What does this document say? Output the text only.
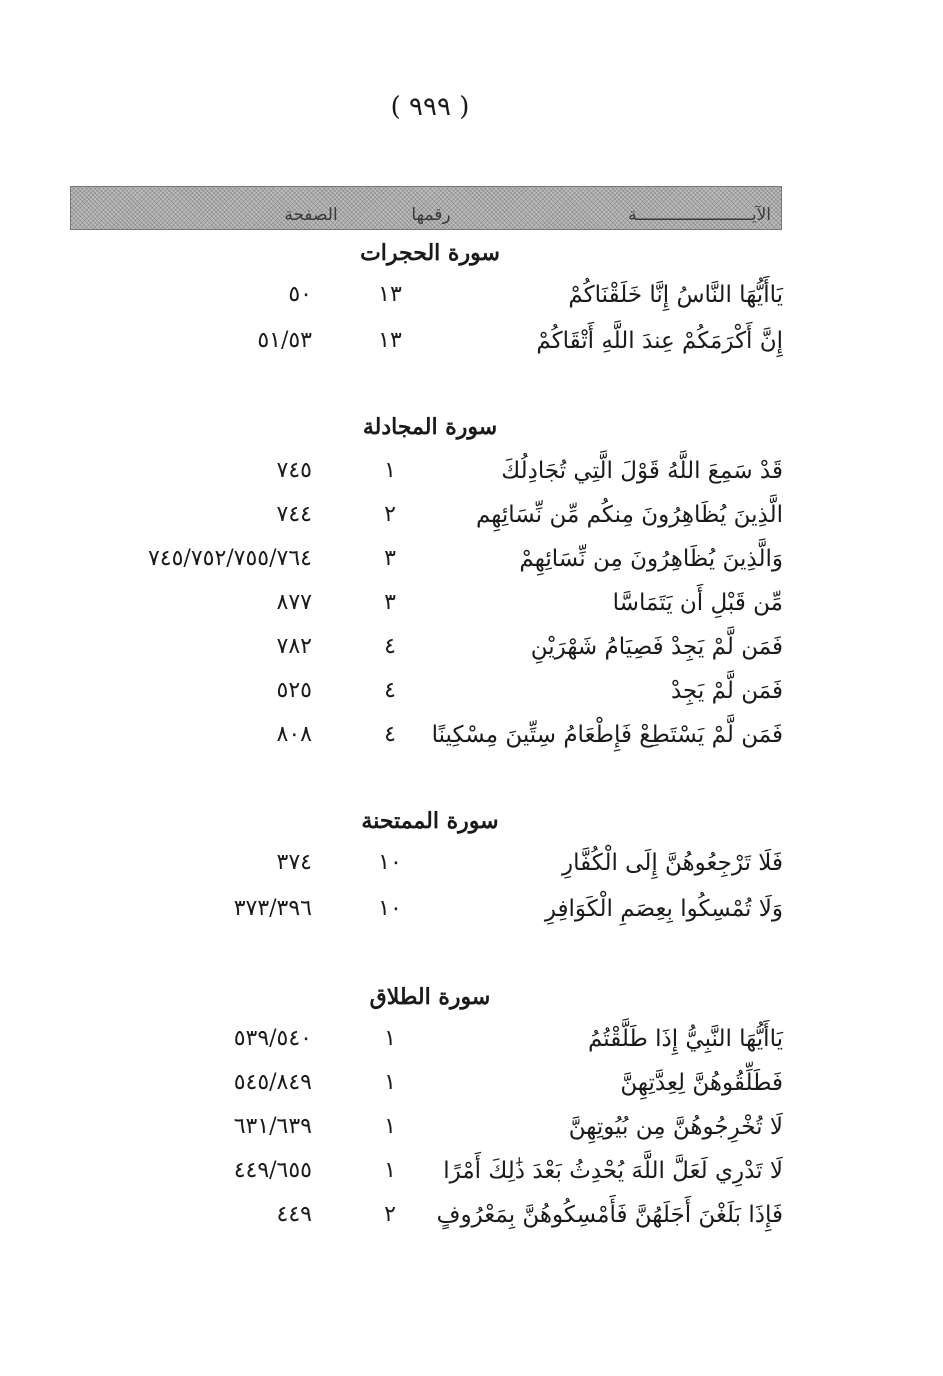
( ٩٩٩ )
الآيـــــــــــــــــــــــة
رقمها
الصفحة
سورة الحجرات
يَاأَيُّهَا النَّاسُ إِنَّا خَلَقْنَاكُمْ
١٣
٥٠
إِنَّ أَكْرَمَكُمْ عِندَ اللَّهِ أَتْقَاكُمْ
١٣
٥١/٥٣
سورة المجادلة
قَدْ سَمِعَ اللَّهُ قَوْلَ الَّتِي تُجَادِلُكَ
١
٧٤٥
الَّذِينَ يُظَاهِرُونَ مِنكُم مِّن نِّسَائِهِم
٢
٧٤٤
وَالَّذِينَ يُظَاهِرُونَ مِن نِّسَائِهِمْ
٣
٧٤٥/٧٥٢/٧٥٥/٧٦٤
مِّن قَبْلِ أَن يَتَمَاسَّا
٣
٨٧٧
فَمَن لَّمْ يَجِدْ فَصِيَامُ شَهْرَيْنِ
٤
٧٨٢
فَمَن لَّمْ يَجِدْ
٤
٥٢٥
فَمَن لَّمْ يَسْتَطِعْ فَإِطْعَامُ سِتِّينَ مِسْكِينًا
٤
٨٠٨
سورة الممتحنة
فَلَا تَرْجِعُوهُنَّ إِلَى الْكُفَّارِ
١٠
٣٧٤
وَلَا تُمْسِكُوا بِعِصَمِ الْكَوَافِرِ
١٠
٣٧٣/٣٩٦
سورة الطلاق
يَاأَيُّهَا النَّبِيُّ إِذَا طَلَّقْتُمُ
١
٥٣٩/٥٤٠
فَطَلِّقُوهُنَّ لِعِدَّتِهِنَّ
١
٥٤٥/٨٤٩
لَا تُخْرِجُوهُنَّ مِن بُيُوتِهِنَّ
١
٦٣١/٦٣٩
لَا تَدْرِي لَعَلَّ اللَّهَ يُحْدِثُ بَعْدَ ذَٰلِكَ أَمْرًا
١
٤٤٩/٦٥٥
فَإِذَا بَلَغْنَ أَجَلَهُنَّ فَأَمْسِكُوهُنَّ بِمَعْرُوفٍ
٢
٤٤٩
